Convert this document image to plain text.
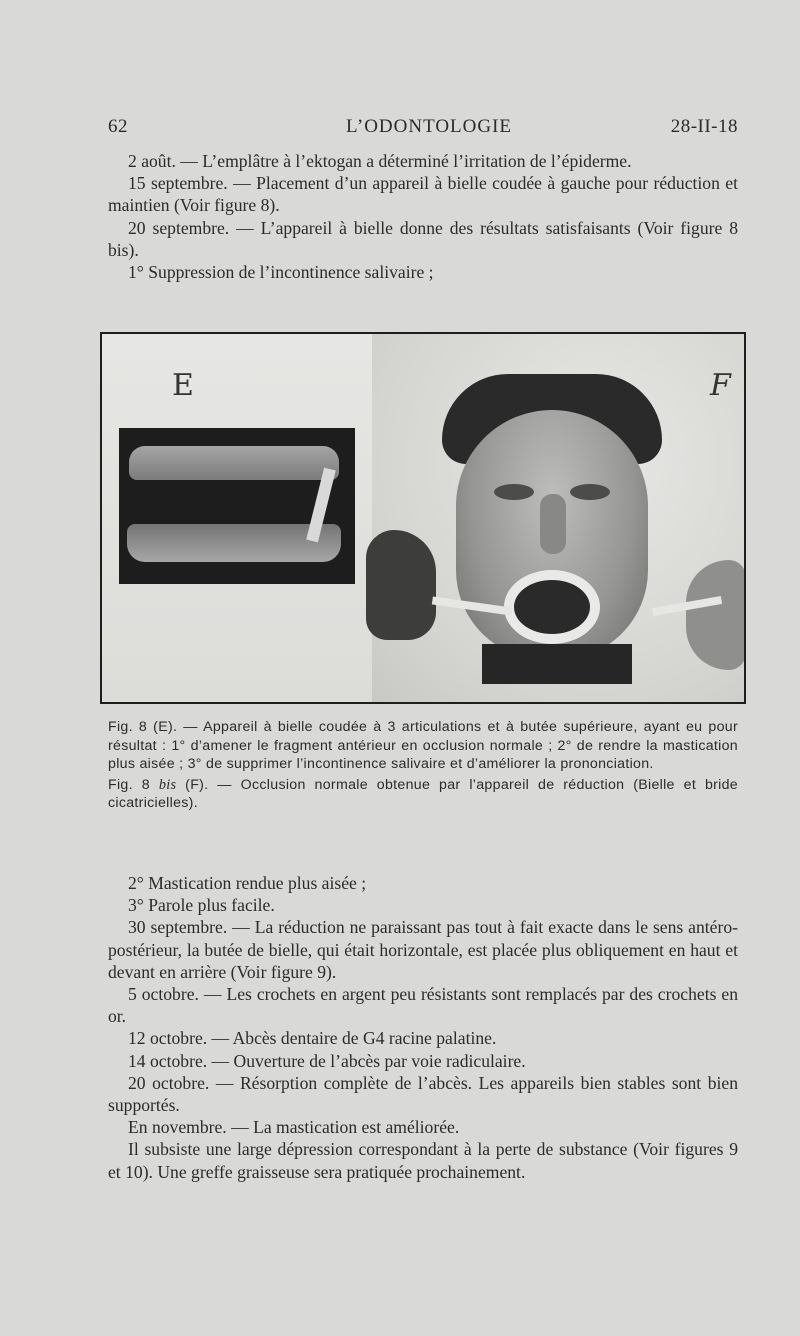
62	L’ODONTOLOGIE	28-II-18

2 août. — L’emplâtre à l’ektogan a déterminé l’irritation de l’épiderme.

15 septembre. — Placement d’un appareil à bielle coudée à gauche pour réduction et maintien (Voir figure 8).

20 septembre. — L’appareil à bielle donne des résultats satisfaisants (Voir figure 8 bis).

1° Suppression de l’incontinence salivaire ;

E	F

Fig. 8 (E). — Appareil à bielle coudée à 3 articulations et à butée supérieure, ayant eu pour résultat : 1° d’amener le fragment antérieur en occlusion normale ; 2° de rendre la mastication plus aisée ; 3° de supprimer l’incontinence salivaire et d’améliorer la prononciation.

Fig. 8 bis (F). — Occlusion normale obtenue par l’appareil de réduction (Bielle et bride cicatricielles).

2° Mastication rendue plus aisée ;

3° Parole plus facile.

30 septembre. — La réduction ne paraissant pas tout à fait exacte dans le sens antéro-postérieur, la butée de bielle, qui était horizontale, est placée plus obliquement en haut et devant en arrière (Voir figure 9).

5 octobre. — Les crochets en argent peu résistants sont remplacés par des crochets en or.

12 octobre. — Abcès dentaire de G4 racine palatine.

14 octobre. — Ouverture de l’abcès par voie radiculaire.

20 octobre. — Résorption complète de l’abcès. Les appareils bien stables sont bien supportés.

En novembre. — La mastication est améliorée.

Il subsiste une large dépression correspondant à la perte de substance (Voir figures 9 et 10). Une greffe graisseuse sera pratiquée prochainement.
